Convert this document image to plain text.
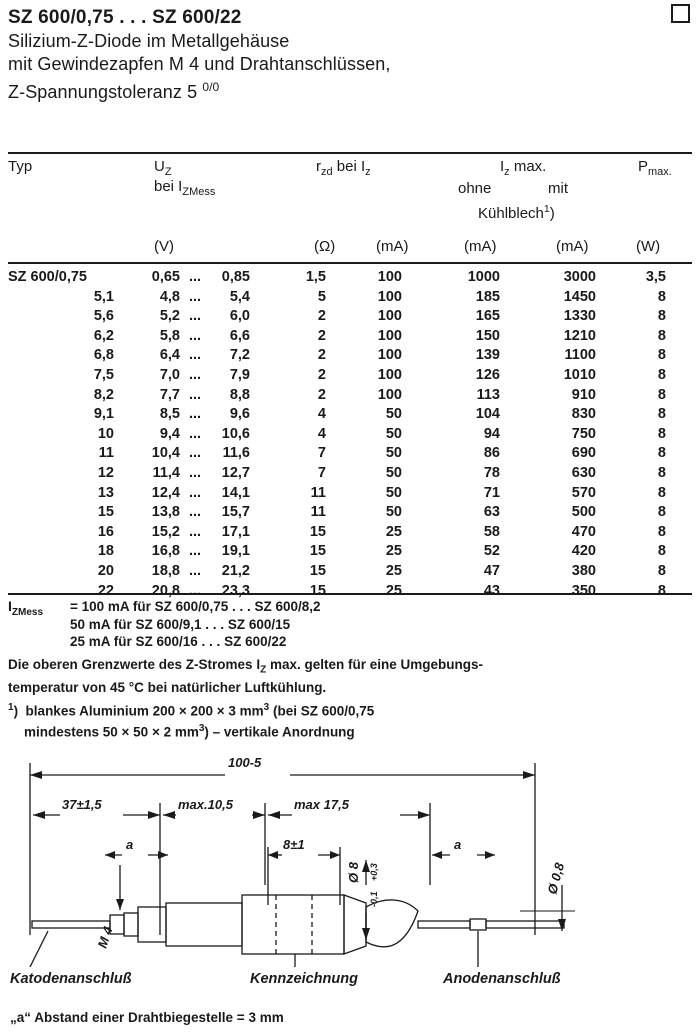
SZ 600/0,75 . . . SZ 600/22
Silizium-Z-Diode im Metallgehäuse
mit Gewindezapfen M 4 und Drahtanschlüssen,
Z-Spannungstoleranz 5 $^{0/0}$
Typ	$U_Z$
bei $I_{ZMess}$
$r_{zd}$ bei $I_z$	$I_z$ max.
ohne	mit
Kühlblech$^1$)
$P_{max.}$
(V)	(Ω)	(mA)	(mA)	(mA)	(W)
SZ 600/0,75	0,65 ...	0,85	1,5	100	1000	3000	3,5
5,1	4,8 ...	5,4	5	100	185	1450	8
5,6	5,2 ...	6,0	2	100	165	1330	8
6,2	5,8 ...	6,6	2	100	150	1210	8
6,8	6,4 ...	7,2	2	100	139	1100	8
7,5	7,0 ...	7,9	2	100	126	1010	8
8,2	7,7 ...	8,8	2	100	113	910	8
9,1	8,5 ...	9,6	4	50	104	830	8
10	9,4 ...	10,6	4	50	94	750	8
11	10,4 ...	11,6	7	50	86	690	8
12	11,4 ...	12,7	7	50	78	630	8
13	12,4 ...	14,1	11	50	71	570	8
15	13,8 ...	15,7	11	50	63	500	8
16	15,2 ...	17,1	15	25	58	470	8
18	16,8 ...	19,1	15	25	52	420	8
20	18,8 ...	21,2	15	25	47	380	8
22	20,8 ...	23,3	15	25	43	350	8
$I_{ZMess} = 100$ mA für SZ 600/0,75 . . . SZ 600/8,2
50 mA für SZ 600/9,1 . . . SZ 600/15
25 mA für SZ 600/16 . . . SZ 600/22
Die oberen Grenzwerte des Z-Stromes $I_Z$ max. gelten für eine Umgebungs-
temperatur von 45 °C bei natürlicher Luftkühlung.
$^1$)  blankes Aluminium 200 × 200 × 3 $mm^3$ (bei SZ 600/0,75
mindestens 50 × 50 × 2 $mm^3$) – vertikale Anordnung
100-5
37±1,5	max.10,5	max 17,5
8±1
a	a
Ø 8 +0,3
-0,1
Ø 0,8
M 4
Katodenanschluß	Kennzeichnung	Anodenanschluß
„a“ Abstand einer Drahtbiegestelle = 3 mm
